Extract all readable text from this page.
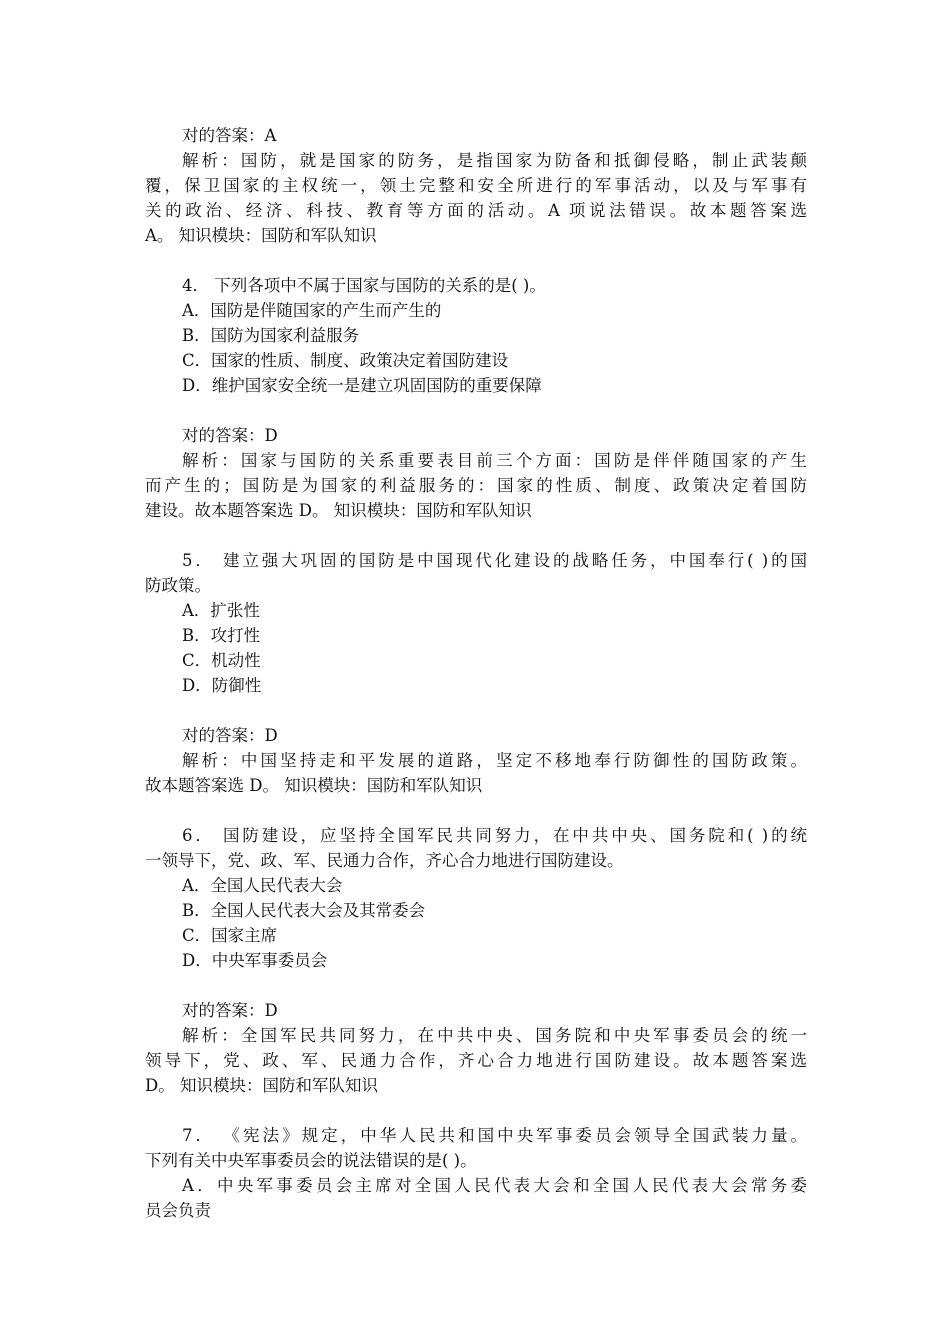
对的答案：A

解析：国防，就是国家的防务，是指国家为防备和抵御侵略，制止武装颠

覆，保卫国家的主权统一，领土完整和安全所进行的军事活动，以及与军事有

关的政治、经济、科技、教育等方面的活动。A 项说法错误。故本题答案选

A。 知识模块：国防和军队知识

4． 下列各项中不属于国家与国防的关系的是( )。

A．国防是伴随国家的产生而产生的

B．国防为国家利益服务

C．国家的性质、制度、政策决定着国防建设

D．维护国家安全统一是建立巩固国防的重要保障

对的答案：D

解析：国家与国防的关系重要表目前三个方面：国防是伴伴随国家的产生

而产生的；国防是为国家的利益服务的：国家的性质、制度、政策决定着国防

建设。故本题答案选 D。 知识模块：国防和军队知识

5． 建立强大巩固的国防是中国现代化建设的战略任务，中国奉行( )的国

防政策。

A．扩张性

B．攻打性

C．机动性

D．防御性

对的答案：D

解析：中国坚持走和平发展的道路，坚定不移地奉行防御性的国防政策。

故本题答案选 D。 知识模块：国防和军队知识

6． 国防建设，应坚持全国军民共同努力，在中共中央、国务院和( )的统

一领导下，党、政、军、民通力合作，齐心合力地进行国防建设。

A．全国人民代表大会

B．全国人民代表大会及其常委会

C．国家主席

D．中央军事委员会

对的答案：D

解析：全国军民共同努力，在中共中央、国务院和中央军事委员会的统一

领导下，党、政、军、民通力合作，齐心合力地进行国防建设。故本题答案选

D。 知识模块：国防和军队知识

7． 《宪法》规定，中华人民共和国中央军事委员会领导全国武装力量。

下列有关中央军事委员会的说法错误的是( )。

A．中央军事委员会主席对全国人民代表大会和全国人民代表大会常务委

员会负责
